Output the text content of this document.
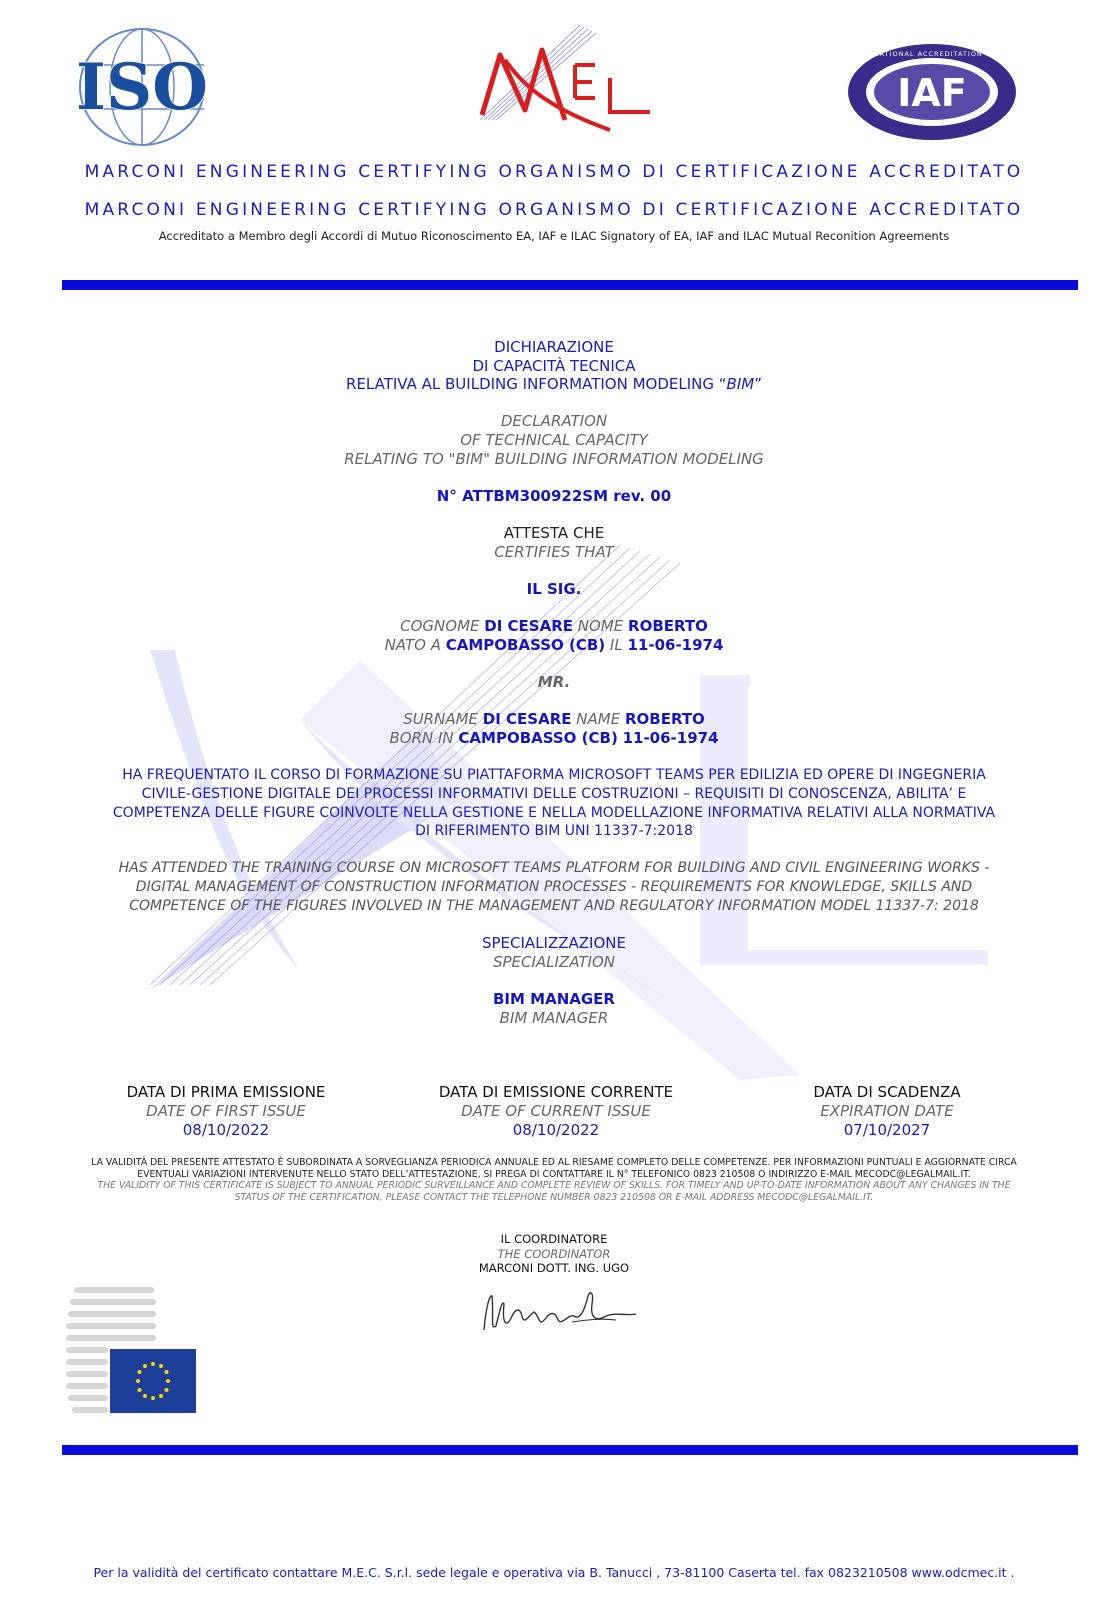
ISO	INTERNATIONAL ACCREDITATION FORUM
IAF
MARCONI ENGINEERING CERTIFYING ORGANISMO DI CERTIFICAZIONE ACCREDITATO
MARCONI ENGINEERING CERTIFYING ORGANISMO DI CERTIFICAZIONE ACCREDITATO
Accreditato a Membro degli Accordi di Mutuo Riconoscimento EA, IAF e ILAC Signatory of EA, IAF and ILAC Mutual Reconition Agreements
DICHIARAZIONE
DI CAPACITÀ TECNICA
RELATIVA AL BUILDING INFORMATION MODELING “BIM”
DECLARATION
OF TECHNICAL CAPACITY
RELATING TO "BIM" BUILDING INFORMATION MODELING
N° ATTBM300922SM rev. 00
ATTESTA CHE
CERTIFIES THAT
IL SIG.
COGNOME DI CESARE NOME ROBERTO
NATO A CAMPOBASSO (CB) IL 11-06-1974
MR.
SURNAME DI CESARE NAME ROBERTO
BORN IN CAMPOBASSO (CB) 11-06-1974
HA FREQUENTATO IL CORSO DI FORMAZIONE SU PIATTAFORMA MICROSOFT TEAMS PER EDILIZIA ED OPERE DI INGEGNERIA
CIVILE-GESTIONE DIGITALE DEI PROCESSI INFORMATIVI DELLE COSTRUZIONI – REQUISITI DI CONOSCENZA, ABILITA’ E
COMPETENZA DELLE FIGURE COINVOLTE NELLA GESTIONE E NELLA MODELLAZIONE INFORMATIVA RELATIVI ALLA NORMATIVA
DI RIFERIMENTO BIM UNI 11337-7:2018
HAS ATTENDED THE TRAINING COURSE ON MICROSOFT TEAMS PLATFORM FOR BUILDING AND CIVIL ENGINEERING WORKS -
DIGITAL MANAGEMENT OF CONSTRUCTION INFORMATION PROCESSES - REQUIREMENTS FOR KNOWLEDGE, SKILLS AND
COMPETENCE OF THE FIGURES INVOLVED IN THE MANAGEMENT AND REGULATORY INFORMATION MODEL 11337-7: 2018
SPECIALIZZAZIONE
SPECIALIZATION
BIM MANAGER
BIM MANAGER
DATA DI PRIMA EMISSIONE
DATE OF FIRST ISSUE
08/10/2022
DATA DI EMISSIONE CORRENTE
DATE OF CURRENT ISSUE
08/10/2022
DATA DI SCADENZA
EXPIRATION DATE
07/10/2027
LA VALIDITÀ DEL PRESENTE ATTESTATO È SUBORDINATA A SORVEGLIANZA PERIODICA ANNUALE ED AL RIESAME COMPLETO DELLE COMPETENZE. PER INFORMAZIONI PUNTUALI E AGGIORNATE CIRCA
EVENTUALI VARIAZIONI INTERVENUTE NELLO STATO DELL’ATTESTAZIONE, SI PREGA DI CONTATTARE IL N° TELEFONICO 0823 210508 O INDIRIZZO E-MAIL MECODC@LEGALMAIL.IT.
THE VALIDITY OF THIS CERTIFICATE IS SUBJECT TO ANNUAL PERIODIC SURVEILLANCE AND COMPLETE REVIEW OF SKILLS. FOR TIMELY AND UP-TO-DATE INFORMATION ABOUT ANY CHANGES IN THE
STATUS OF THE CERTIFICATION, PLEASE CONTACT THE TELEPHONE NUMBER 0823 210508 OR E-MAIL ADDRESS MECODC@LEGALMAIL.IT.
IL COORDINATORE
THE COORDINATOR
MARCONI DOTT. ING. UGO
Per la validità del certificato contattare M.E.C. S.r.l. sede legale e operativa via B. Tanucci , 73-81100 Caserta tel. fax 0823210508 www.odcmec.it .
